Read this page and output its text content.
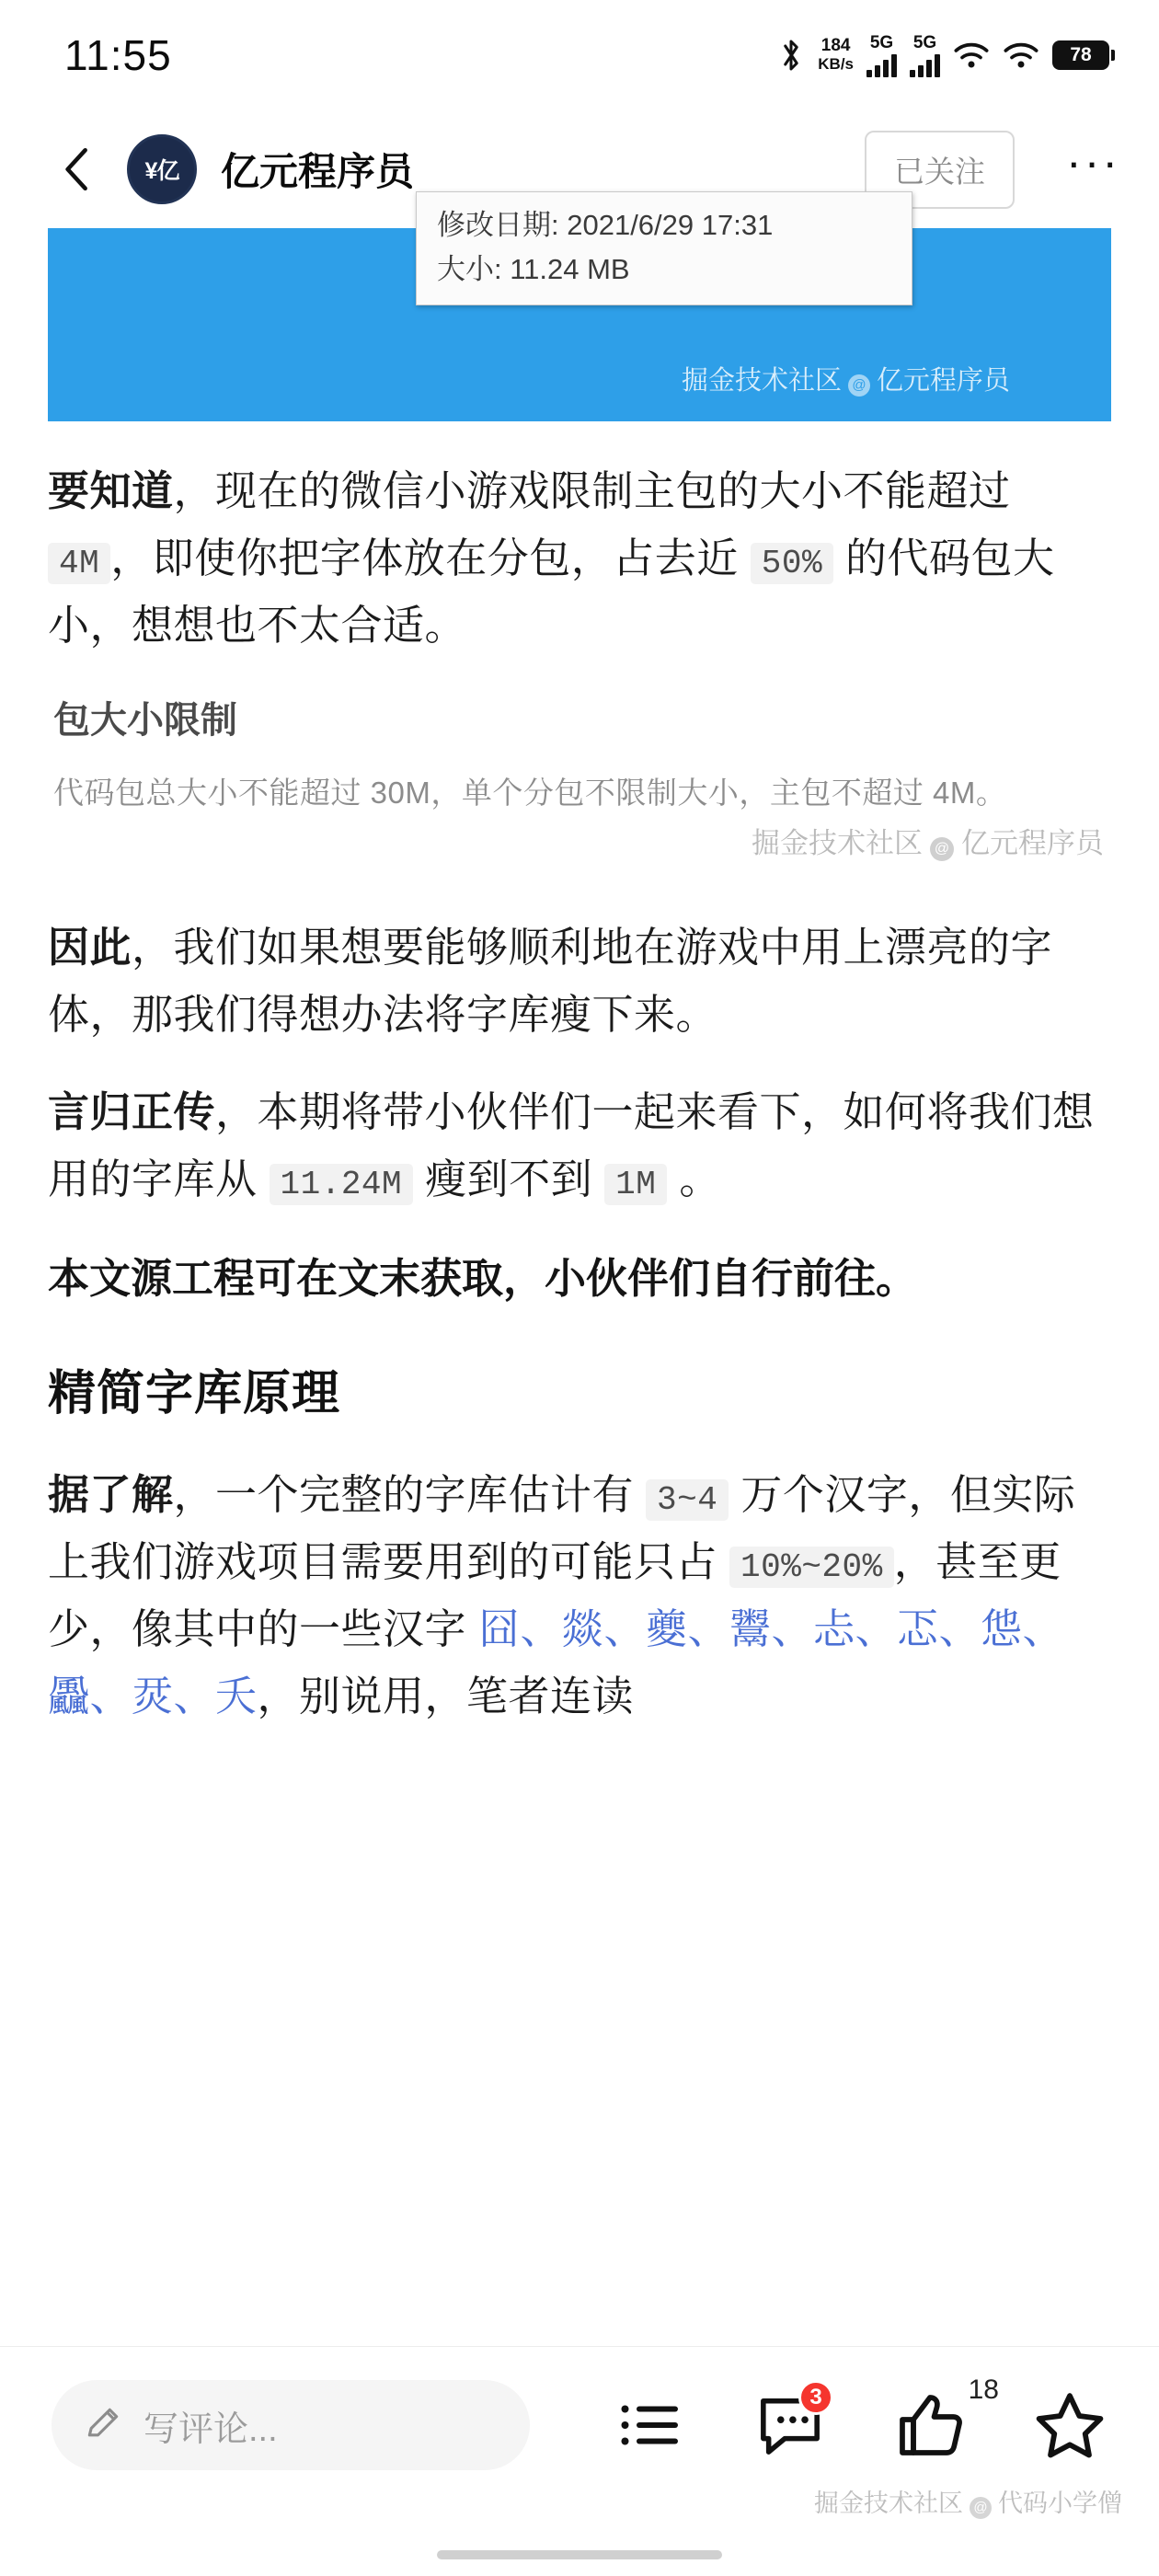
11:55	184
KB/s
5G 5G
78
¥亿	亿元程序员	已关注	···
修改日期: 2021/6/29 17:31
大小: 11.24 MB
掘金技术社区 @ 亿元程序员

要知道，现在的微信小游戏限制主包的大小不能超过 4M ，即使你把字体放在分包，占去近 50% 的代码包大小，想想也不太合适。

包大小限制
代码包总大小不能超过 30M，单个分包不限制大小，主包不超过 4M。
掘金技术社区 @ 亿元程序员

因此，我们如果想要能够顺利地在游戏中用上漂亮的字体，那我们得想办法将字库瘦下来。

言归正传，本期将带小伙伴们一起来看下，如何将我们想用的字库从 11.24M 瘦到不到 1M 。

本文源工程可在文末获取，小伙伴们自行前往。

精简字库原理

据了解，一个完整的字库估计有 3~4 万个汉字，但实际上我们游戏项目需要用到的可能只占 10%~20% ，甚至更少，像其中的一些汉字 囧、燚、夔、鬻、忐、忑、怹、飍、烎、夭，别说用，笔者连读

写评论...
3	18
掘金技术社区 @ 代码小学僧
